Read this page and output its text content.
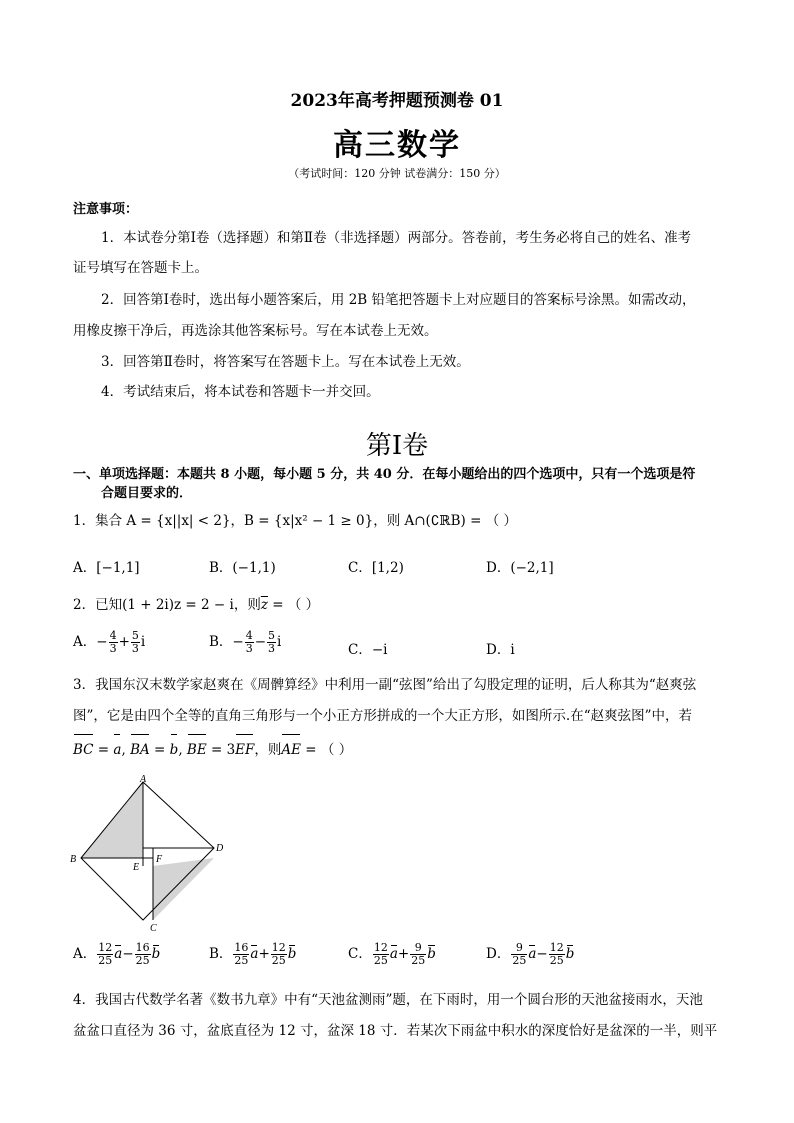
2023年高考押题预测卷 01
高三数学
（考试时间：120 分钟 试卷满分：150 分）
注意事项：
1．本试卷分第Ⅰ卷（选择题）和第Ⅱ卷（非选择题）两部分。答卷前，考生务必将自己的姓名、准考
证号填写在答题卡上。
2．回答第Ⅰ卷时，选出每小题答案后，用 2B 铅笔把答题卡上对应题目的答案标号涂黑。如需改动，
用橡皮擦干净后，再选涂其他答案标号。写在本试卷上无效。
3．回答第Ⅱ卷时，将答案写在答题卡上。写在本试卷上无效。
4．考试结束后，将本试卷和答题卡一并交回。
第Ⅰ卷
一、单项选择题：本题共 8 小题，每小题 5 分，共 40 分．在每小题给出的四个选项中，只有一个选项是符
合题目要求的．
1．集合 A = {x||x| < 2}，B = {x|x² − 1 ≥ 0}，则 A∩(∁ℝB) = （ ）
A．[−1,1]	B．(−1,1)	C．[1,2)	D．(−2,1]
2．已知(1 + 2i)z = 2 − i，则$\overline{z}$ = （ ）
A．− $\frac{4}{3} + \frac{5}{3}$ i	B．− $\frac{4}{3} - \frac{5}{3}$ i	C．−i	D．i
3．我国东汉末数学家赵爽在《周髀算经》中利用一副“弦图”给出了勾股定理的证明，后人称其为“赵爽弦
图”，它是由四个全等的直角三角形与一个小正方形拼成的一个大正方形，如图所示.在“赵爽弦图”中，若
BC = a, BA = b, BE = 3EF，则AE = （ ）
A
B
C
D
E
F
A． $\frac{12}{25} a- \frac{16}{25}$ b	B． $\frac{16}{25} a+ \frac{12}{25}$ b	C． $\frac{12}{25} a+ \frac{9}{25}$ b	D． $\frac{9}{25} a- \frac{12}{25}$ b
4．我国古代数学名著《数书九章》中有“天池盆测雨”题，在下雨时，用一个圆台形的天池盆接雨水，天池
盆盆口直径为 36 寸，盆底直径为 12 寸，盆深 18 寸．若某次下雨盆中积水的深度恰好是盆深的一半，则平
